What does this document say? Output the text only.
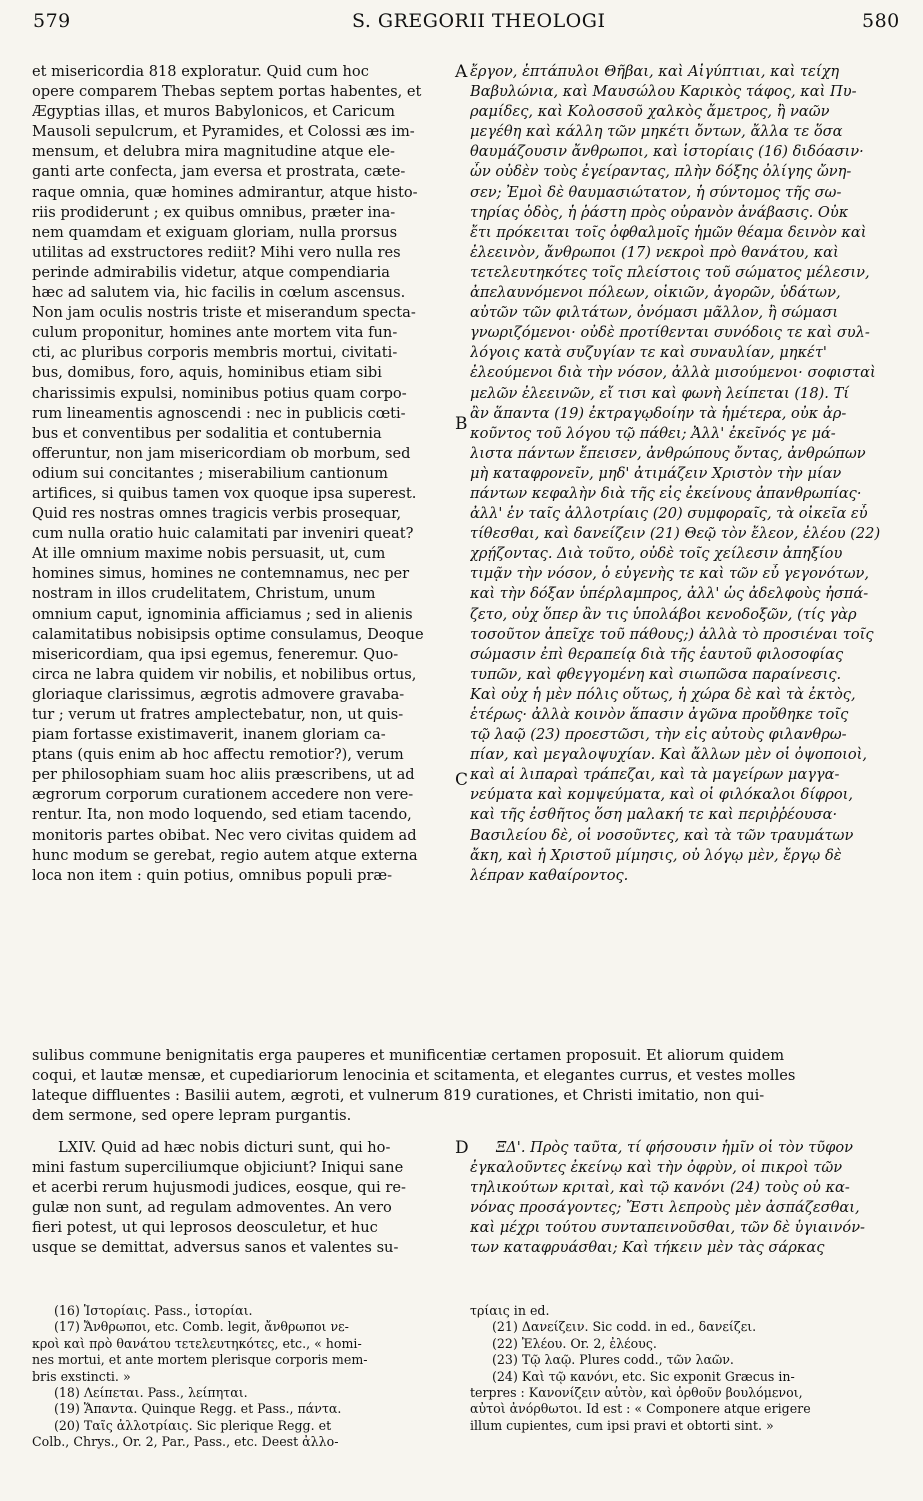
579	S. GREGORII THEOLOGI	580
A
B
C
D
et misericordia 818 exploratur. Quid cum hoc
opere comparem Thebas septem portas habentes, et
Ægyptias illas, et muros Babylonicos, et Caricum
Mausoli sepulcrum, et Pyramides, et Colossi æs im-
mensum, et delubra mira magnitudine atque ele-
ganti arte confecta, jam eversa et prostrata, cæte-
raque omnia, quæ homines admirantur, atque histo-
riis prodiderunt ; ex quibus omnibus, præter ina-
nem quamdam et exiguam gloriam, nulla prorsus
utilitas ad exstructores rediit? Mihi vero nulla res
perinde admirabilis videtur, atque compendiaria
hæc ad salutem via, hic facilis in cœlum ascensus.
Non jam oculis nostris triste et miserandum specta-
culum proponitur, homines ante mortem vita fun-
cti, ac pluribus corporis membris mortui, civitati-
bus, domibus, foro, aquis, hominibus etiam sibi
charissimis expulsi, nominibus potius quam corpo-
rum lineamentis agnoscendi : nec in publicis cœti-
bus et conventibus per sodalitia et contubernia
offeruntur, non jam misericordiam ob morbum, sed
odium sui concitantes ; miserabilium cantionum
artifices, si quibus tamen vox quoque ipsa superest.
Quid res nostras omnes tragicis verbis prosequar,
cum nulla oratio huic calamitati par inveniri queat?
At ille omnium maxime nobis persuasit, ut, cum
homines simus, homines ne contemnamus, nec per
nostram in illos crudelitatem, Christum, unum
omnium caput, ignominia afficiamus ; sed in alienis
calamitatibus nobisipsis optime consulamus, Deoque
misericordiam, qua ipsi egemus, feneremur. Quo-
circa ne labra quidem vir nobilis, et nobilibus ortus,
gloriaque clarissimus, ægrotis admovere gravaba-
tur ; verum ut fratres amplectebatur, non, ut quis-
piam fortasse existimaverit, inanem gloriam ca-
ptans (quis enim ab hoc affectu remotior?), verum
per philosophiam suam hoc aliis præscribens, ut ad
ægrorum corporum curationem accedere non vere-
rentur. Ita, non modo loquendo, sed etiam tacendo,
monitoris partes obibat. Nec vero civitas quidem ad
hunc modum se gerebat, regio autem atque externa
loca non item : quin potius, omnibus populi præ-
ἔργον, ἑπτάπυλοι Θῆβαι, καὶ Αἰγύπτιαι, καὶ τείχη
Βαβυλώνια, καὶ Μαυσώλου Καρικὸς τάφος, καὶ Πυ-
ραμίδες, καὶ Κολοσσοῦ χαλκὸς ἄμετρος, ἢ ναῶν
μεγέθη καὶ κάλλη τῶν μηκέτι ὄντων, ἄλλα τε ὅσα
θαυμάζουσιν ἄνθρωποι, καὶ ἱστορίαις (16) διδόασιν·
ὧν οὐδὲν τοὺς ἐγείραντας, πλὴν δόξης ὀλίγης ὤνη-
σεν; Ἐμοὶ δὲ θαυμασιώτατον, ἡ σύντομος τῆς σω-
τηρίας ὁδὸς, ἡ ῥάστη πρὸς οὐρανὸν ἀνάβασις. Οὐκ
ἔτι πρόκειται τοῖς ὀφθαλμοῖς ἡμῶν θέαμα δεινὸν καὶ
ἐλεεινὸν, ἄνθρωποι (17) νεκροὶ πρὸ θανάτου, καὶ
τετελευτηκότες τοῖς πλείστοις τοῦ σώματος μέλεσιν,
ἀπελαυνόμενοι πόλεων, οἰκιῶν, ἀγορῶν, ὑδάτων,
αὐτῶν τῶν φιλτάτων, ὀνόμασι μᾶλλον, ἢ σώμασι
γνωριζόμενοι· οὐδὲ προτίθενται συνόδοις τε καὶ συλ-
λόγοις κατὰ συζυγίαν τε καὶ συναυλίαν, μηκέτ'
ἐλεούμενοι διὰ τὴν νόσον, ἀλλὰ μισούμενοι· σοφισταὶ
μελῶν ἐλεεινῶν, εἴ τισι καὶ φωνὴ λείπεται (18). Τί
ἂν ἅπαντα (19) ἐκτραγῳδοίην τὰ ἡμέτερα, οὐκ ἀρ-
κοῦντος τοῦ λόγου τῷ πάθει; Ἀλλ' ἐκεῖνός γε μά-
λιστα πάντων ἔπεισεν, ἀνθρώπους ὄντας, ἀνθρώπων
μὴ καταφρονεῖν, μηδ' ἀτιμάζειν Χριστὸν τὴν μίαν
πάντων κεφαλὴν διὰ τῆς εἰς ἐκείνους ἀπανθρωπίας·
ἀλλ' ἐν ταῖς ἀλλοτρίαις (20) συμφοραῖς, τὰ οἰκεῖα εὖ
τίθεσθαι, καὶ δανείζειν (21) Θεῷ τὸν ἔλεον, ἐλέου (22)
χρῄζοντας. Διὰ τοῦτο, οὐδὲ τοῖς χείλεσιν ἀπηξίου
τιμᾷν τὴν νόσον, ὁ εὐγενὴς τε καὶ τῶν εὖ γεγονότων,
καὶ τὴν δόξαν ὑπέρλαμπρος, ἀλλ' ὡς ἀδελφοὺς ἠσπά-
ζετο, οὐχ ὅπερ ἂν τις ὑπολάβοι κενοδοξῶν, (τίς γὰρ
τοσοῦτον ἀπεῖχε τοῦ πάθους;) ἀλλὰ τὸ προσιέναι τοῖς
σώμασιν ἐπὶ θεραπείᾳ διὰ τῆς ἑαυτοῦ φιλοσοφίας
τυπῶν, καὶ φθεγγομένη καὶ σιωπῶσα παραίνεσις.
Καὶ οὐχ ἡ μὲν πόλις οὕτως, ἡ χώρα δὲ καὶ τὰ ἐκτὸς,
ἑτέρως· ἀλλὰ κοινὸν ἅπασιν ἀγῶνα προὔθηκε τοῖς
τῷ λαῷ (23) προεστῶσι, τὴν εἰς αὐτοὺς φιλανθρω-
πίαν, καὶ μεγαλοψυχίαν. Καὶ ἄλλων μὲν οἱ ὀψοποιοὶ,
καὶ αἱ λιπαραὶ τράπεζαι, καὶ τὰ μαγείρων μαγγα-
νεύματα καὶ κομψεύματα, καὶ οἱ φιλόκαλοι δίφροι,
καὶ τῆς ἐσθῆτος ὅση μαλακή τε καὶ περιῤῥέουσα·
Βασιλείου δὲ, οἱ νοσοῦντες, καὶ τὰ τῶν τραυμάτων
ἄκη, καὶ ἡ Χριστοῦ μίμησις, οὐ λόγῳ μὲν, ἔργῳ δὲ
λέπραν καθαίροντος.
sulibus commune benignitatis erga pauperes et munificentiæ certamen proposuit. Et aliorum quidem
coqui, et lautæ mensæ, et cupediariorum lenocinia et scitamenta, et elegantes currus, et vestes molles
lateque diffluentes : Basilii autem, ægroti, et vulnerum 819 curationes, et Christi imitatio, non qui-
dem sermone, sed opere lepram purgantis.
LXIV. Quid ad hæc nobis dicturi sunt, qui ho-
mini fastum superciliumque objiciunt? Iniqui sane
et acerbi rerum hujusmodi judices, eosque, qui re-
gulæ non sunt, ad regulam admoventes. An vero
fieri potest, ut qui leprosos deosculetur, et huc
usque se demittat, adversus sanos et valentes su-
ΞΔ'. Πρὸς ταῦτα, τί φήσουσιν ἡμῖν οἱ τὸν τῦφον
ἐγκαλοῦντες ἐκείνῳ καὶ τὴν ὀφρὺν, οἱ πικροὶ τῶν
τηλικούτων κριταὶ, καὶ τῷ κανόνι (24) τοὺς οὐ κα-
νόνας προσάγοντες; Ἔστι λεπροὺς μὲν ἀσπάζεσθαι,
καὶ μέχρι τούτου συνταπεινοῦσθαι, τῶν δὲ ὑγιαινόν-
των καταφρυάσθαι; Καὶ τήκειν μὲν τὰς σάρκας
(16) Ἱστορίαις. Pass., ἱστορίαι.
(17) Ἄνθρωποι, etc. Comb. legit, ἄνθρωποι νε-
κροὶ καὶ πρὸ θανάτου τετελευτηκότες, etc., « homi-
nes mortui, et ante mortem plerisque corporis mem-
bris exstincti. »
(18) Λείπεται. Pass., λείπηται.
(19) Ἅπαντα. Quinque Regg. et Pass., πάντα.
(20) Ταῖς ἀλλοτρίαις. Sic plerique Regg. et
Colb., Chrys., Or. 2, Par., Pass., etc. Deest ἀλλο-
τρίαις in ed.
(21) Δανείζειν. Sic codd. in ed., δανείζει.
(22) Ἐλέου. Or. 2, ἐλέους.
(23) Τῷ λαῷ. Plures codd., τῶν λαῶν.
(24) Καὶ τῷ κανόνι, etc. Sic exponit Græcus in-
terpres : Κανονίζειν αὐτὸν, καὶ ὀρθοῦν βουλόμενοι,
αὐτοὶ ἀνόρθωτοι. Id est : « Componere atque erigere
illum cupientes, cum ipsi pravi et obtorti sint. »
